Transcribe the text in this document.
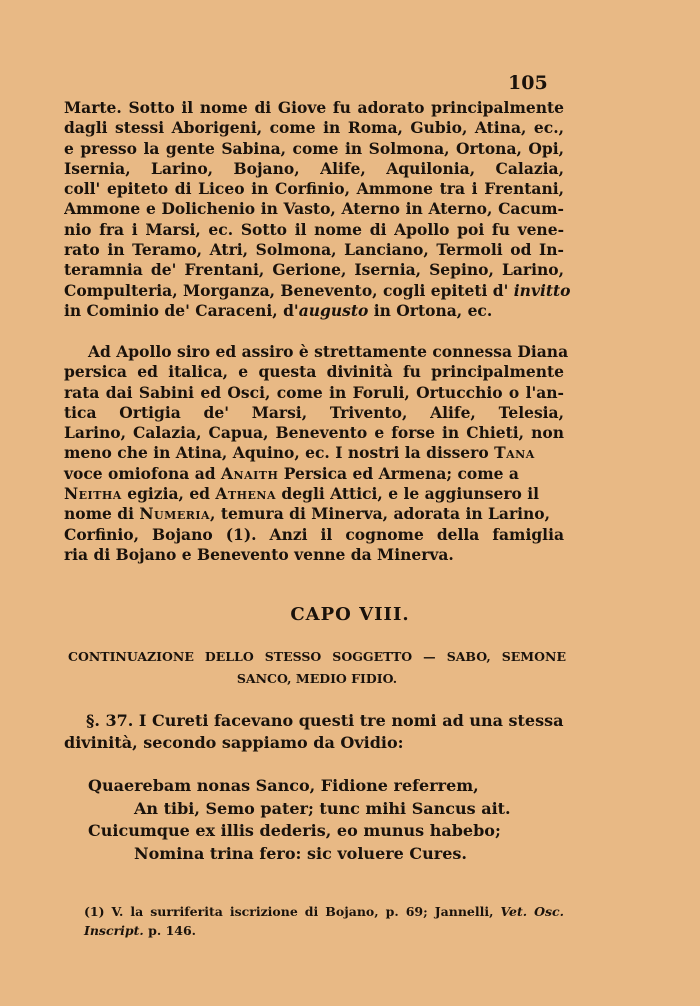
105
Marte. Sotto il nome di Giove fu adorato principalmente
dagli stessi Aborigeni, come in Roma, Gubio, Atina, ec.,
e presso la gente Sabina, come in Solmona, Ortona, Opi,
Isernia, Larino, Bojano, Alife, Aquilonia, Calazia,
coll' epiteto di Liceo in Corfinio, Ammone tra i Frentani,
Ammone e Dolichenio in Vasto, Aterno in Aterno, Cacum-
nio fra i Marsi, ec. Sotto il nome di Apollo poi fu vene-
rato in Teramo, Atri, Solmona, Lanciano, Termoli od In-
teramnia de' Frentani, Gerione, Isernia, Sepino, Larino,
Compulteria, Morganza, Benevento, cogli epiteti d' invitto
in Cominio de' Caraceni, d'augusto in Ortona, ec.
Ad Apollo siro ed assiro è strettamente connessa Diana
persica ed italica, e questa divinità fu principalmente
rata dai Sabini ed Osci, come in Foruli, Ortucchio o l'an-
tica Ortigia de' Marsi, Trivento, Alife, Telesia,
Larino, Calazia, Capua, Benevento e forse in Chieti, non
meno che in Atina, Aquino, ec. I nostri la dissero Tana
voce omiofona ad Anaith Persica ed Armena; come a
Neitha egizia, ed Athena degli Attici, e le aggiunsero il
nome di Numeria, temura di Minerva, adorata in Larino,
Corfinio, Bojano (1). Anzi il cognome della famiglia
ria di Bojano e Benevento venne da Minerva.
CAPO VIII.
CONTINUAZIONE DELLO STESSO SOGGETTO — SABO, SEMONE
SANCO, MEDIO FIDIO.
§. 37. I Cureti facevano questi tre nomi ad una stessa
divinità, secondo sappiamo da Ovidio:
Quaerebam nonas Sanco, Fidione referrem,
An tibi, Semo pater; tunc mihi Sancus ait.
Cuicumque ex illis dederis, eo munus habebo;
Nomina trina fero: sic voluere Cures.
(1) V. la surriferita iscrizione di Bojano, p. 69; Jannelli, Vet. Osc.
Inscript. p. 146.
